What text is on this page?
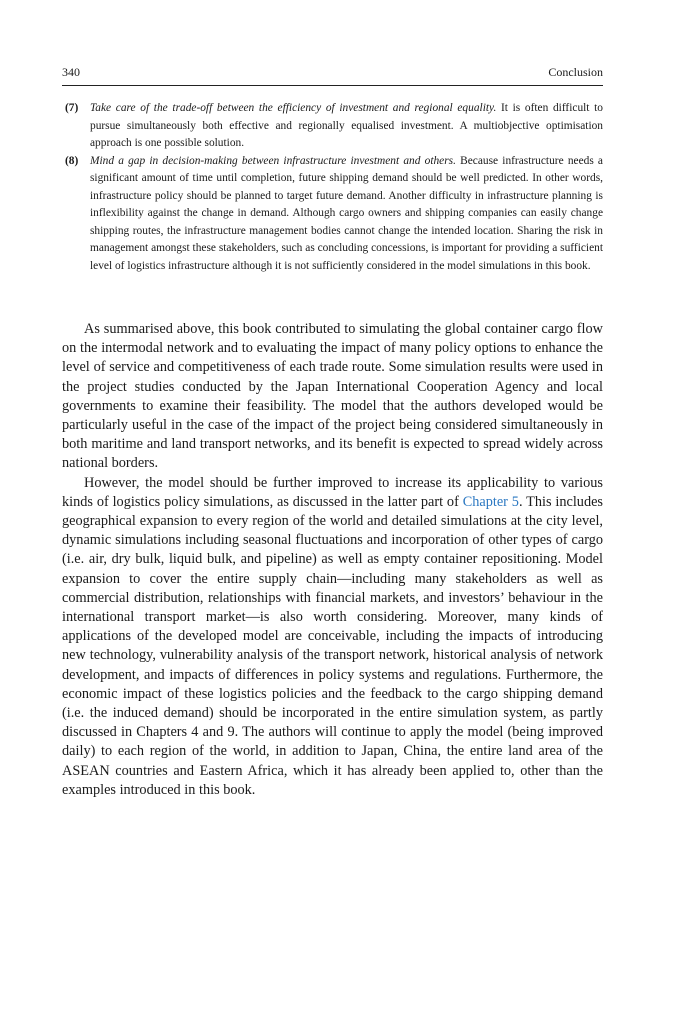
340	Conclusion
(7) Take care of the trade-off between the efficiency of investment and regional equality. It is often difficult to pursue simultaneously both effective and regionally equalised investment. A multiobjective optimisation approach is one possible solution.
(8) Mind a gap in decision-making between infrastructure investment and others. Because infrastructure needs a significant amount of time until completion, future shipping demand should be well predicted. In other words, infrastructure policy should be planned to target future demand. Another difficulty in infrastructure planning is inflexibility against the change in demand. Although cargo owners and shipping companies can easily change shipping routes, the infrastructure management bodies cannot change the intended location. Sharing the risk in management amongst these stakeholders, such as concluding concessions, is important for providing a sufficient level of logistics infrastructure although it is not sufficiently considered in the model simulations in this book.

As summarised above, this book contributed to simulating the global container cargo flow on the intermodal network and to evaluating the impact of many policy options to enhance the level of service and competitiveness of each trade route. Some simulation results were used in the project studies conducted by the Japan International Cooperation Agency and local governments to examine their feasibility. The model that the authors developed would be particularly useful in the case of the impact of the project being considered simultaneously in both maritime and land transport networks, and its benefit is expected to spread widely across national borders.

However, the model should be further improved to increase its applicability to various kinds of logistics policy simulations, as discussed in the latter part of Chapter 5. This includes geographical expansion to every region of the world and detailed simulations at the city level, dynamic simulations including seasonal fluctuations and incorporation of other types of cargo (i.e. air, dry bulk, liquid bulk, and pipeline) as well as empty container repositioning. Model expansion to cover the entire supply chain—including many stakeholders as well as commercial distribution, relationships with financial markets, and investors’ behaviour in the international transport market—is also worth considering. Moreover, many kinds of applications of the developed model are conceivable, including the impacts of introducing new technology, vulnerability analysis of the transport network, historical analysis of network development, and impacts of differences in policy systems and regulations. Furthermore, the economic impact of these logistics policies and the feedback to the cargo shipping demand (i.e. the induced demand) should be incorporated in the entire simulation system, as partly discussed in Chapters 4 and 9. The authors will continue to apply the model (being improved daily) to each region of the world, in addition to Japan, China, the entire land area of the ASEAN countries and Eastern Africa, which it has already been applied to, other than the examples introduced in this book.
